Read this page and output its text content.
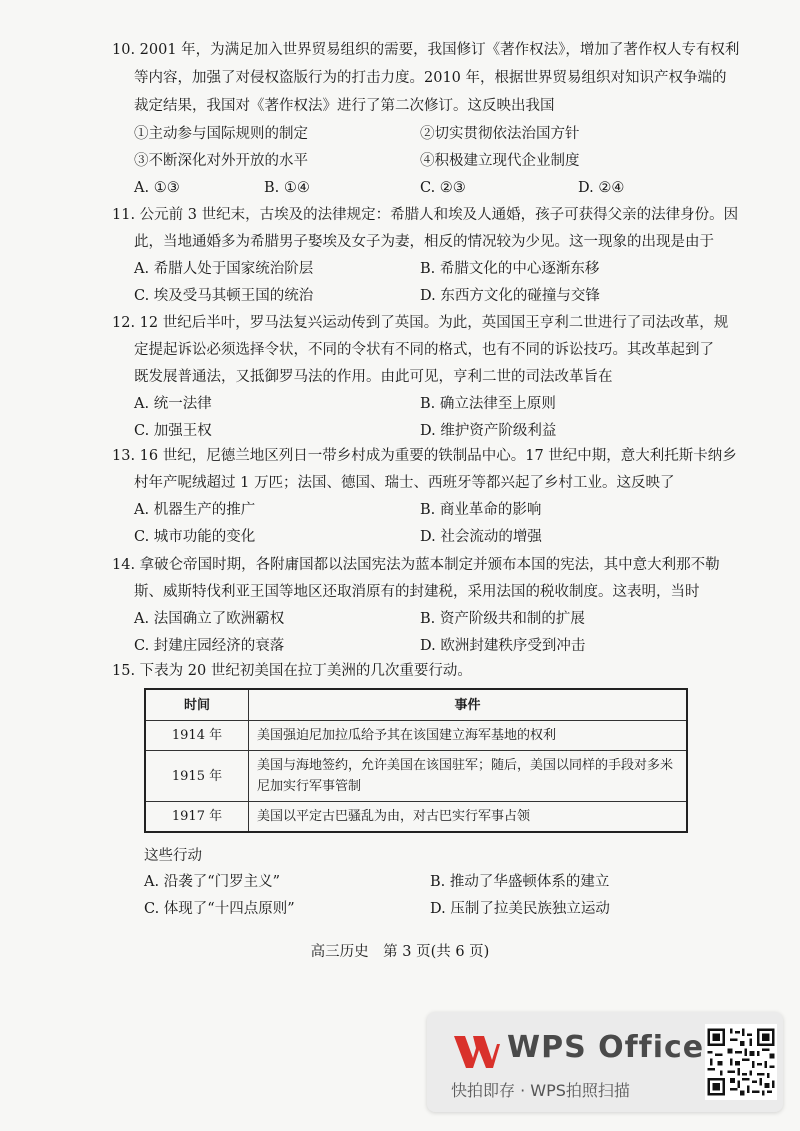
10. 2001 年，为满足加入世界贸易组织的需要，我国修订《著作权法》，增加了著作权人专有权利
等内容，加强了对侵权盗版行为的打击力度。2010 年，根据世界贸易组织对知识产权争端的
裁定结果，我国对《著作权法》进行了第二次修订。这反映出我国
①主动参与国际规则的制定	②切实贯彻依法治国方针
③不断深化对外开放的水平	④积极建立现代企业制度
A. ①③	B. ①④	C. ②③	D. ②④
11. 公元前 3 世纪末，古埃及的法律规定：希腊人和埃及人通婚，孩子可获得父亲的法律身份。因
此，当地通婚多为希腊男子娶埃及女子为妻，相反的情况较为少见。这一现象的出现是由于
A. 希腊人处于国家统治阶层	B. 希腊文化的中心逐渐东移
C. 埃及受马其顿王国的统治	D. 东西方文化的碰撞与交锋
12. 12 世纪后半叶，罗马法复兴运动传到了英国。为此，英国国王亨利二世进行了司法改革，规
定提起诉讼必须选择令状，不同的令状有不同的格式，也有不同的诉讼技巧。其改革起到了
既发展普通法，又抵御罗马法的作用。由此可见，亨利二世的司法改革旨在
A. 统一法律	B. 确立法律至上原则
C. 加强王权	D. 维护资产阶级利益
13. 16 世纪，尼德兰地区列日一带乡村成为重要的铁制品中心。17 世纪中期，意大利托斯卡纳乡
村年产呢绒超过 1 万匹；法国、德国、瑞士、西班牙等都兴起了乡村工业。这反映了
A. 机器生产的推广	B. 商业革命的影响
C. 城市功能的变化	D. 社会流动的增强
14. 拿破仑帝国时期，各附庸国都以法国宪法为蓝本制定并颁布本国的宪法，其中意大利那不勒
斯、威斯特伐利亚王国等地区还取消原有的封建税，采用法国的税收制度。这表明，当时
A. 法国确立了欧洲霸权	B. 资产阶级共和制的扩展
C. 封建庄园经济的衰落	D. 欧洲封建秩序受到冲击
15. 下表为 20 世纪初美国在拉丁美洲的几次重要行动。
时间	事件
1914 年	美国强迫尼加拉瓜给予其在该国建立海军基地的权利
1915 年	美国与海地签约，允许美国在该国驻军；随后，美国以同样的手段对多米尼加实行军事管制
1917 年	美国以平定古巴骚乱为由，对古巴实行军事占领
这些行动
A. 沿袭了“门罗主义”	B. 推动了华盛顿体系的建立
C. 体现了“十四点原则”	D. 压制了拉美民族独立运动
高三历史　第 3 页(共 6 页)
WPS Office
快拍即存 · WPS拍照扫描
